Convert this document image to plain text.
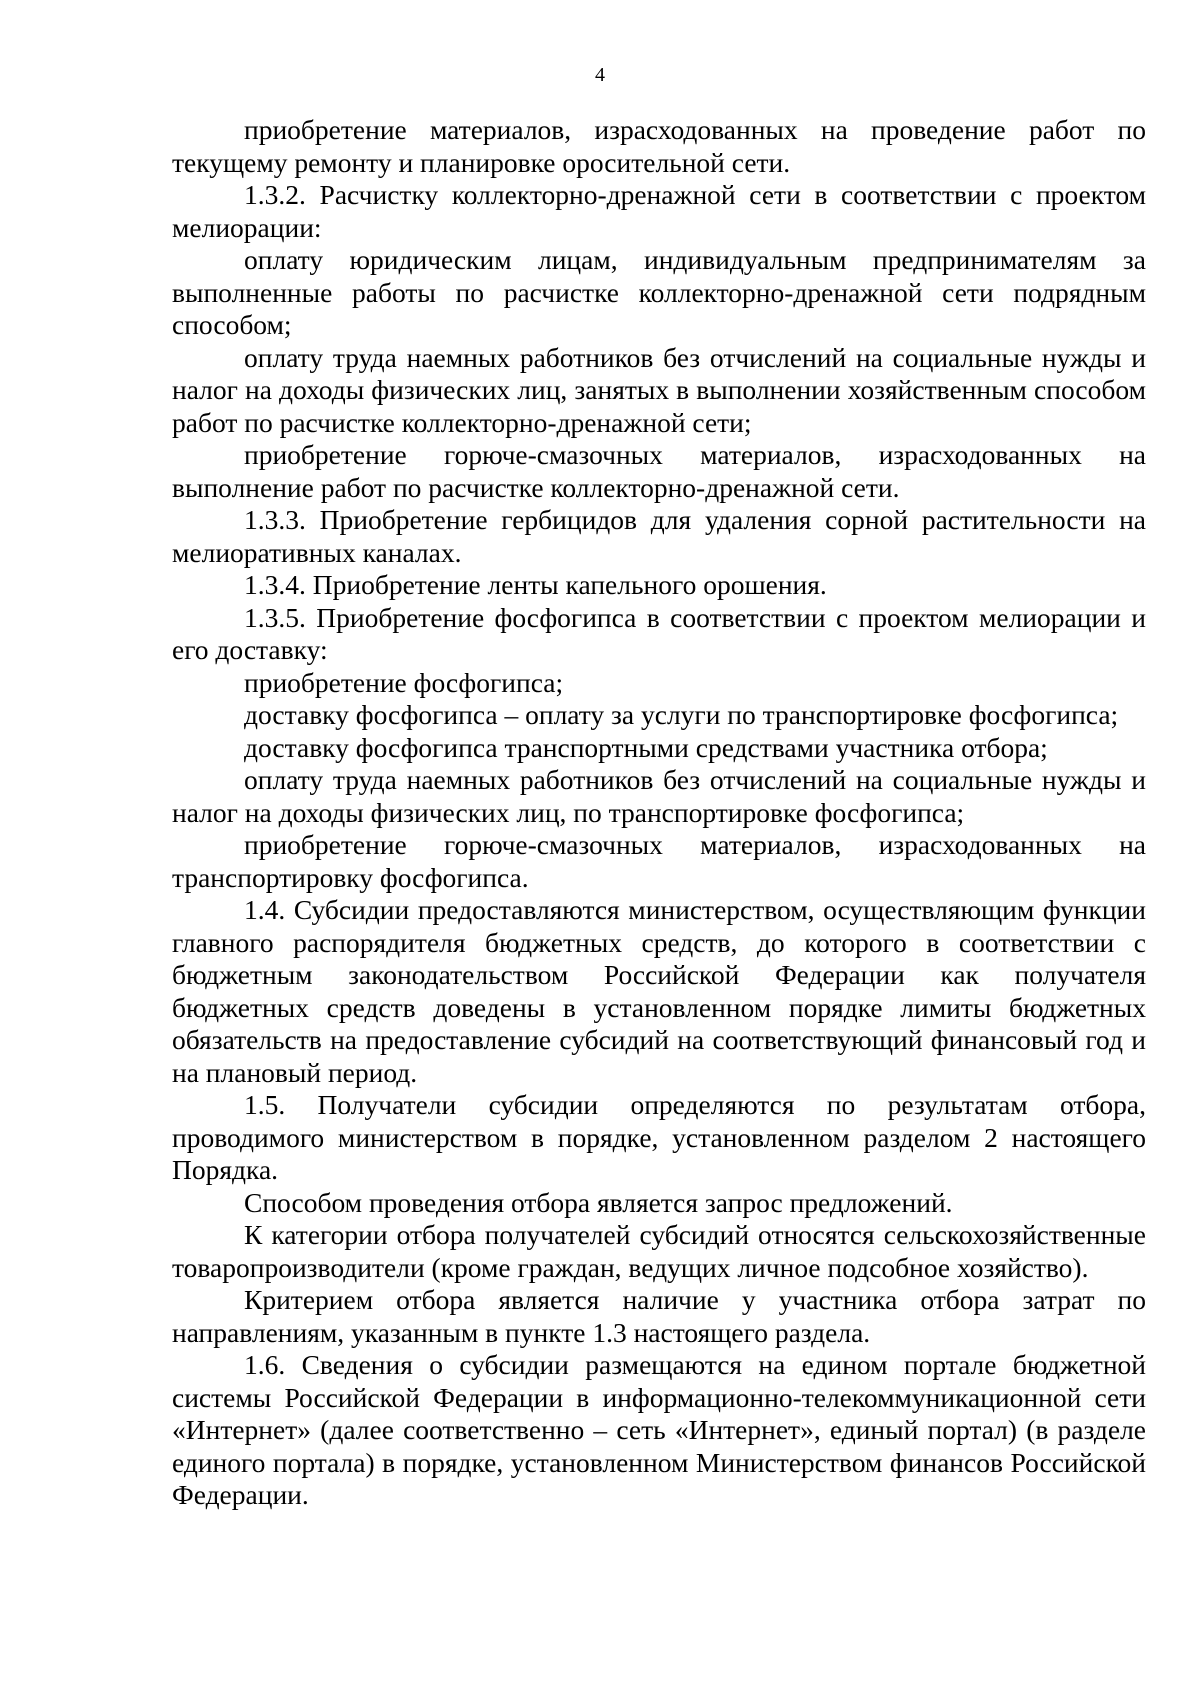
4

приобретение материалов, израсходованных на проведение работ по текущему ремонту и планировке оросительной сети.

1.3.2. Расчистку коллекторно-дренажной сети в соответствии с проектом мелиорации:

оплату юридическим лицам, индивидуальным предпринимателям за выполненные работы по расчистке коллекторно-дренажной сети подрядным способом;

оплату труда наемных работников без отчислений на социальные нужды и налог на доходы физических лиц, занятых в выполнении хозяйственным способом работ по расчистке коллекторно-дренажной сети;

приобретение горюче-смазочных материалов, израсходованных на выполнение работ по расчистке коллекторно-дренажной сети.

1.3.3. Приобретение гербицидов для удаления сорной растительности на мелиоративных каналах.

1.3.4. Приобретение ленты капельного орошения.

1.3.5. Приобретение фосфогипса в соответствии с проектом мелиорации и его доставку:

приобретение фосфогипса;

доставку фосфогипса – оплату за услуги по транспортировке фосфогипса;

доставку фосфогипса транспортными средствами участника отбора;

оплату труда наемных работников без отчислений на социальные нужды и налог на доходы физических лиц, по транспортировке фосфогипса;

приобретение горюче-смазочных материалов, израсходованных на транспортировку фосфогипса.

1.4. Субсидии предоставляются министерством, осуществляющим функции главного распорядителя бюджетных средств, до которого в соответствии с бюджетным законодательством Российской Федерации как получателя бюджетных средств доведены в установленном порядке лимиты бюджетных обязательств на предоставление субсидий на соответствующий финансовый год и на плановый период.

1.5. Получатели субсидии определяются по результатам отбора, проводимого министерством в порядке, установленном разделом 2 настоящего Порядка.

Способом проведения отбора является запрос предложений.

К категории отбора получателей субсидий относятся сельскохозяйственные товаропроизводители (кроме граждан, ведущих личное подсобное хозяйство).

Критерием отбора является наличие у участника отбора затрат по направлениям, указанным в пункте 1.3 настоящего раздела.

1.6. Сведения о субсидии размещаются на едином портале бюджетной системы Российской Федерации в информационно-телекоммуникационной сети «Интернет» (далее соответственно – сеть «Интернет», единый портал) (в разделе единого портала) в порядке, установленном Министерством финансов Российской Федерации.
